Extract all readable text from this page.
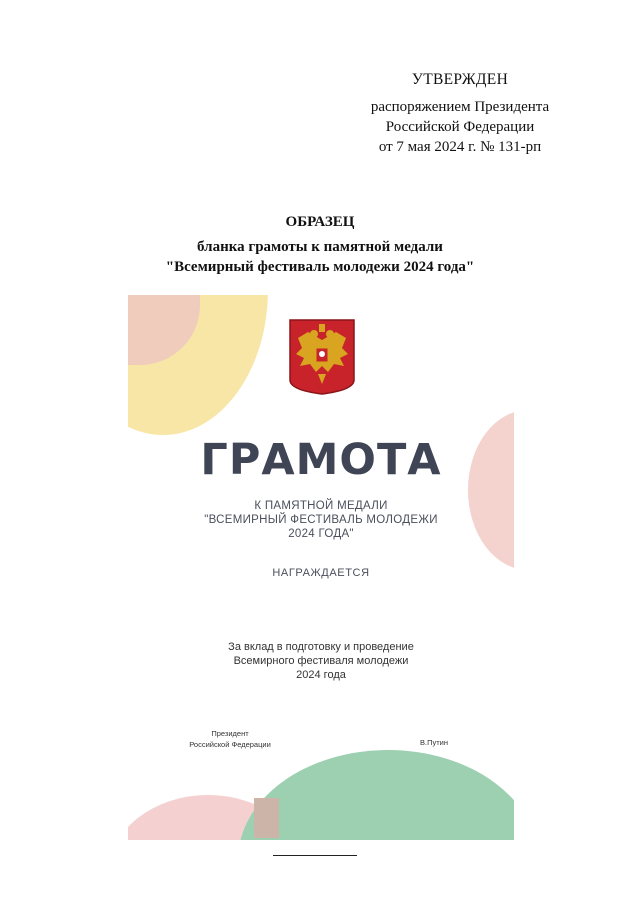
УТВЕРЖДЕН
распоряжением Президента
Российской Федерации
от 7 мая 2024 г. № 131-рп
ОБРАЗЕЦ
бланка грамоты к памятной медали
"Всемирный фестиваль молодежи 2024 года"
ГРАМОТА
К ПАМЯТНОЙ МЕДАЛИ
"ВСЕМИРНЫЙ ФЕСТИВАЛЬ МОЛОДЕЖИ
2024 ГОДА"
НАГРАЖДАЕТСЯ
За вклад в подготовку и проведение
Всемирного фестиваля молодежи
2024 года
Президент
Российской Федерации	В.Путин
